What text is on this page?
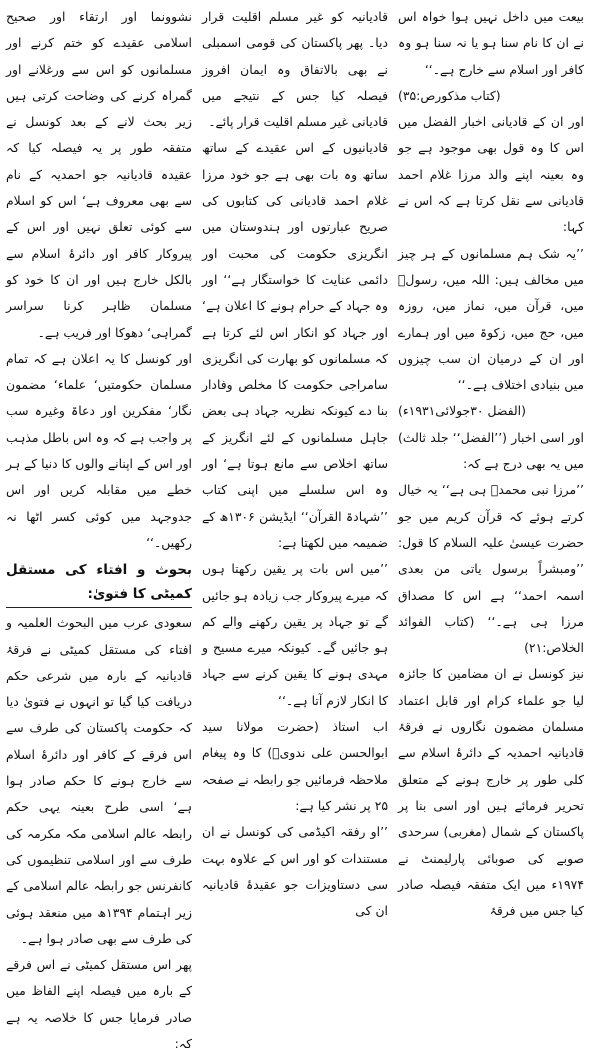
بیعت میں داخل نہیں ہوا خواہ اس نے ان کا نام سنا ہو یا نہ سنا ہو وہ کافر اور اسلام سے خارج ہے۔‘‘

(کتاب مذکورص:۳۵)

اور ان کے قادیانی اخبار الفضل میں اس کا وہ قول بھی موجود ہے جو وہ بعینہ اپنے والد مرزا غلام احمد قادیانی سے نقل کرتا ہے کہ اس نے کہا:

’’یہ شک ہم مسلمانوں کے ہر چیز میں مخالف ہیں: اللہ میں، رسولؐ میں، قرآن میں، نماز میں، روزہ میں، حج میں، زکوۃ میں اور ہمارے اور ان کے درمیان ان سب چیزوں میں بنیادی اختلاف ہے۔‘‘

(الفضل ۳۰جولائی۱۹۳۱ء)

اور اسی اخبار (’’الفضل‘‘ جلد ثالث) میں یہ بھی درج ہے کہ:

’’مرزا نبی محمدؐ ہی ہے‘‘ یہ خیال کرتے ہوئے کہ قرآن کریم میں جو حضرت عیسیٰ علیہ السلام کا قول: ’’ومبشراً برسول یاتی من بعدی اسمہ احمد‘‘ ہے اس کا مصداق مرزا ہی ہے۔‘‘ (کتاب الفوائد الخلاص:۲۱)

نیز کونسل نے ان مضامین کا جائزہ لیا جو علماء کرام اور قابل اعتماد مسلمان مضمون نگاروں نے فرقۂ قادیانیہ احمدیہ کے دائرۂ اسلام سے کلی طور پر خارج ہونے کے متعلق تحریر فرمائے ہیں اور اسی بنا پر پاکستان کے شمال (مغربی) سرحدی صوبے کی صوبائی پارلیمنٹ نے ۱۹۷۴ء میں ایک متفقہ فیصلہ صادر کیا جس میں فرقۂ

قادیانیہ کو غیر مسلم اقلیت قرار دیا۔ پھر پاکستان کی قومی اسمبلی نے بھی بالاتفاق وہ ایمان افروز فیصلہ کیا جس کے نتیجے میں قادیانی غیر مسلم اقلیت قرار پائے۔

قادیانیوں کے اس عقیدے کے ساتھ ساتھ وہ بات بھی ہے جو خود مرزا غلام احمد قادیانی کی کتابوں کی صریح عبارتوں اور ہندوستان میں انگریزی حکومت کی محبت اور دائمی عنایت کا خواستگار ہے‘‘ اور وہ جہاد کے حرام ہونے کا اعلان ہے‘ اور جہاد کو انکار اس لئے کرتا ہے کہ مسلمانوں کو بھارت کی انگریزی سامراجی حکومت کا مخلص وفادار بنا دے کیونکہ نظریہ جہاد ہی بعض جاہل مسلمانوں کے لئے انگریز کے ساتھ اخلاص سے مانع ہوتا ہے‘ اور وہ اس سلسلے میں اپنی کتاب ’’شہادۃ القرآن‘‘ ایڈیشن ۱۳۰۶ھ کے ضمیمہ میں لکھتا ہے:

’’میں اس بات پر یقین رکھتا ہوں کہ میرے پیروکار جب زیادہ ہو جائیں گے تو جہاد پر یقین رکھنے والے کم ہو جائیں گے۔ کیونکہ میرے مسیح و مہدی ہونے کا یقین کرنے سے جہاد کا انکار لازم آتا ہے۔‘‘

اب استاذ (حضرت مولانا سید ابوالحسن علی ندویؒ) کا وہ پیغام ملاحظہ فرمائیں جو رابطہ نے صفحہ ۲۵ پر نشر کیا ہے:

’’او رفقہ اکیڈمی کی کونسل نے ان مستندات کو اور اس کے علاوہ بہت سی دستاویزات جو عقیدۂ قادیانیہ ان کی

نشوونما اور ارتقاء اور صحیح اسلامی عقیدے کو ختم کرنے اور مسلمانوں کو اس سے ورغلانے اور گمراہ کرنے کی وضاحت کرتی ہیں زیر بحث لانے کے بعد کونسل نے متفقہ طور پر یہ فیصلہ کیا کہ عقیدہ قادیانیہ جو احمدیہ کے نام سے بھی معروف ہے‘ اس کو اسلام سے کوئی تعلق نہیں اور اس کے پیروکار کافر اور دائرۂ اسلام سے بالکل خارج ہیں اور ان کا خود کو مسلمان ظاہر کرنا سراسر گمراہی‘ دھوکا اور فریب ہے۔

اور کونسل کا یہ اعلان ہے کہ تمام مسلمان حکومتیں‘ علماء‘ مضمون نگار‘ مفکرین اور دعاۃ وغیرہ سب پر واجب ہے کہ وہ اس باطل مذہب اور اس کے اپنانے والوں کا دنیا کے ہر خطے میں مقابلہ کریں اور اس جدوجہد میں کوئی کسر اٹھا نہ رکھیں۔‘‘

بحوث و افتاء کی مستقل کمیٹی کا فتویٰ:

سعودی عرب میں البحوث العلمیہ و افتاء کی مستقل کمیٹی نے فرقۂ قادیانیہ کے بارہ میں شرعی حکم دریافت کیا گیا تو انہوں نے فتویٰ دیا کہ حکومت پاکستان کی طرف سے اس فرقے کے کافر اور دائرۂ اسلام سے خارج ہونے کا حکم صادر ہوا ہے‘ اسی طرح بعینہ یہی حکم رابطہ عالم اسلامی مکہ مکرمہ کی طرف سے اور اسلامی تنظیموں کی کانفرنس جو رابطہ عالم اسلامی کے زیر اہتمام ۱۳۹۴ھ میں منعقد ہوئی کی طرف سے بھی صادر ہوا ہے۔

پھر اس مستقل کمیٹی نے اس فرقے کے بارہ میں فیصلہ اپنے الفاظ میں صادر فرمایا جس کا خلاصہ یہ ہے کہ:
